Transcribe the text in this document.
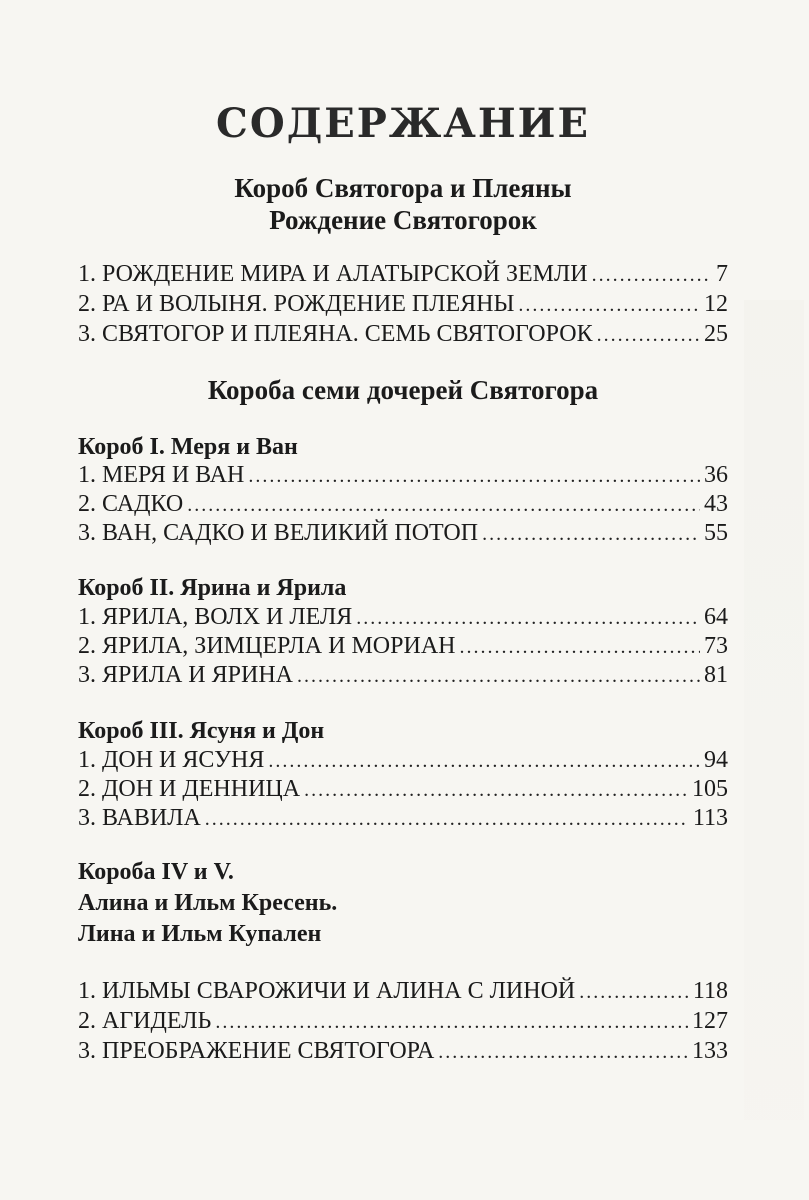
СОДЕРЖАНИЕ
Короб Святогора и Плеяны
Рождение Святогорок
1.
РОЖДЕНИЕ МИРА И АЛАТЫРСКОЙ ЗЕМЛИ .....	7
2.
РА И ВОЛЫНЯ. РОЖДЕНИЕ ПЛЕЯНЫ .....	12
3.
СВЯТОГОР И ПЛЕЯНА. СЕМЬ СВЯТОГОРОК .....	25
Короба семи дочерей Святогора
Короб I. Меря и Ван
1.
МЕРЯ И ВАН .....	36
2.
САДКО .....	43
3.
ВАН, САДКО И ВЕЛИКИЙ ПОТОП .....	55
Короб II. Ярина и Ярила
1.
ЯРИЛА, ВОЛХ И ЛЕЛЯ .....	64
2.
ЯРИЛА, ЗИМЦЕРЛА И МОРИАН .....	73
3.
ЯРИЛА И ЯРИНА .....	81
Короб III. Ясуня и Дон
1.
ДОН И ЯСУНЯ .....	94
2.
ДОН И ДЕННИЦА .....	105
3.
ВАВИЛА .....	113
Короба IV и V.
Алина и Ильм Кресень.
Лина и Ильм Купален
1.
ИЛЬМЫ СВАРОЖИЧИ И АЛИНА С ЛИНОЙ .....	118
2.
АГИДЕЛЬ .....	127
3.
ПРЕОБРАЖЕНИЕ СВЯТОГОРА .....	133
